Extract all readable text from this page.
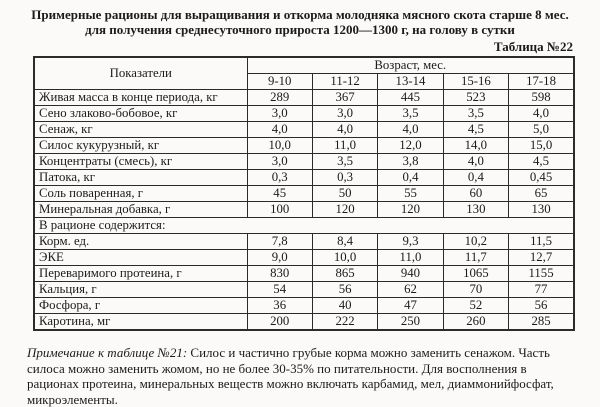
Примерные рационы для выращивания и откорма молодняка мясного скота старше 8 мес.
для получения среднесуточного прироста 1200—1300 г, на голову в сутки
Таблица №22
Показатели	Возраст, мес.				
	9-10	11-12	13-14	15-16	17-18
Живая масса в конце периода, кг	289	367	445	523	598
Сено злаково-бобовое, кг	3,0	3,0	3,5	3,5	4,0
Сенаж, кг	4,0	4,0	4,0	4,5	5,0
Силос кукурузный, кг	10,0	11,0	12,0	14,0	15,0
Концентраты (смесь), кг	3,0	3,5	3,8	4,0	4,5
Патока, кг	0,3	0,3	0,4	0,4	0,45
Соль поваренная, г	45	50	55	60	65
Минеральная добавка, г	100	120	120	130	130
В рационе содержится:					
Корм. ед.	7,8	8,4	9,3	10,2	11,5
ЭКЕ	9,0	10,0	11,0	11,7	12,7
Переваримого протеина, г	830	865	940	1065	1155
Кальция, г	54	56	62	70	77
Фосфора, г	36	40	47	52	56
Каротина, мг	200	222	250	260	285

Примечание к таблице №21: Силос и частично грубые корма можно заменить сенажом. Часть силоса можно заменить жомом, но не более 30-35% по питательности. Для восполнения в рационах протеина, минеральных веществ можно включать карбамид, мел, диаммонийфосфат, микроэлементы.
